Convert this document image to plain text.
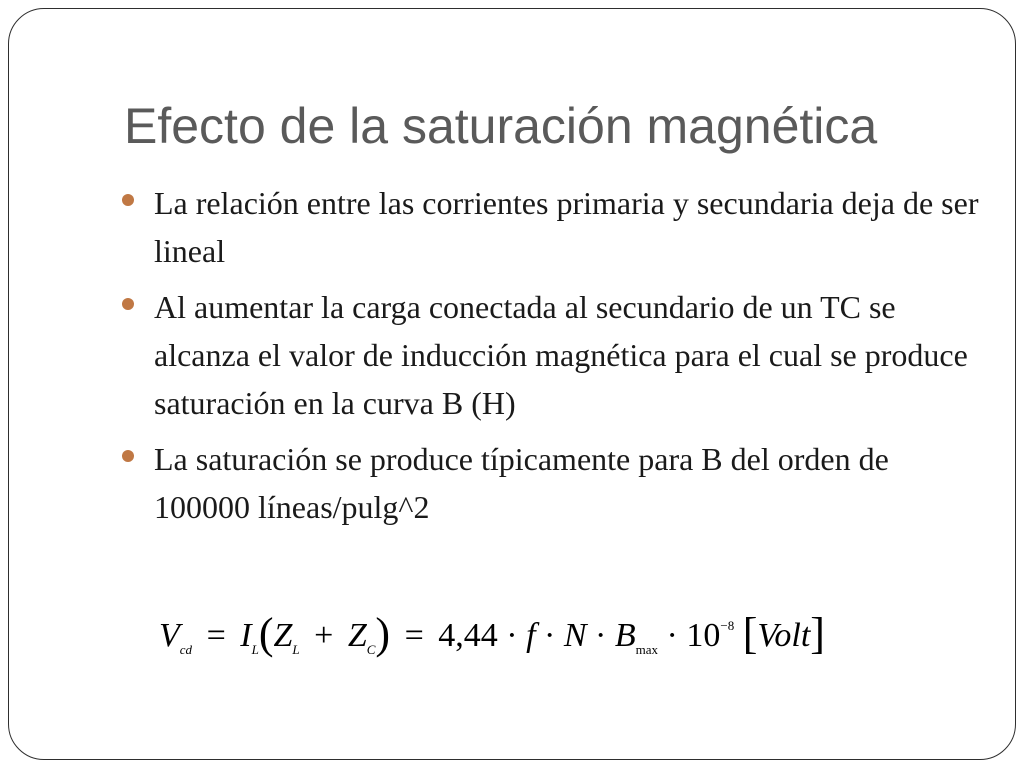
Efecto de la saturación magnética
La relación entre las corrientes primaria y secundaria deja de ser lineal
Al aumentar la carga conectada al secundario de un TC se alcanza el valor de inducción magnética para el cual se produce saturación en la curva B (H)
La saturación se produce típicamente para B del orden de 100000 líneas/pulg^2
$V_{cd} = I_L(Z_L + Z_C) = 4,44 \cdot f \cdot N \cdot B_{max} \cdot 10^{-8}$ [Volt]
